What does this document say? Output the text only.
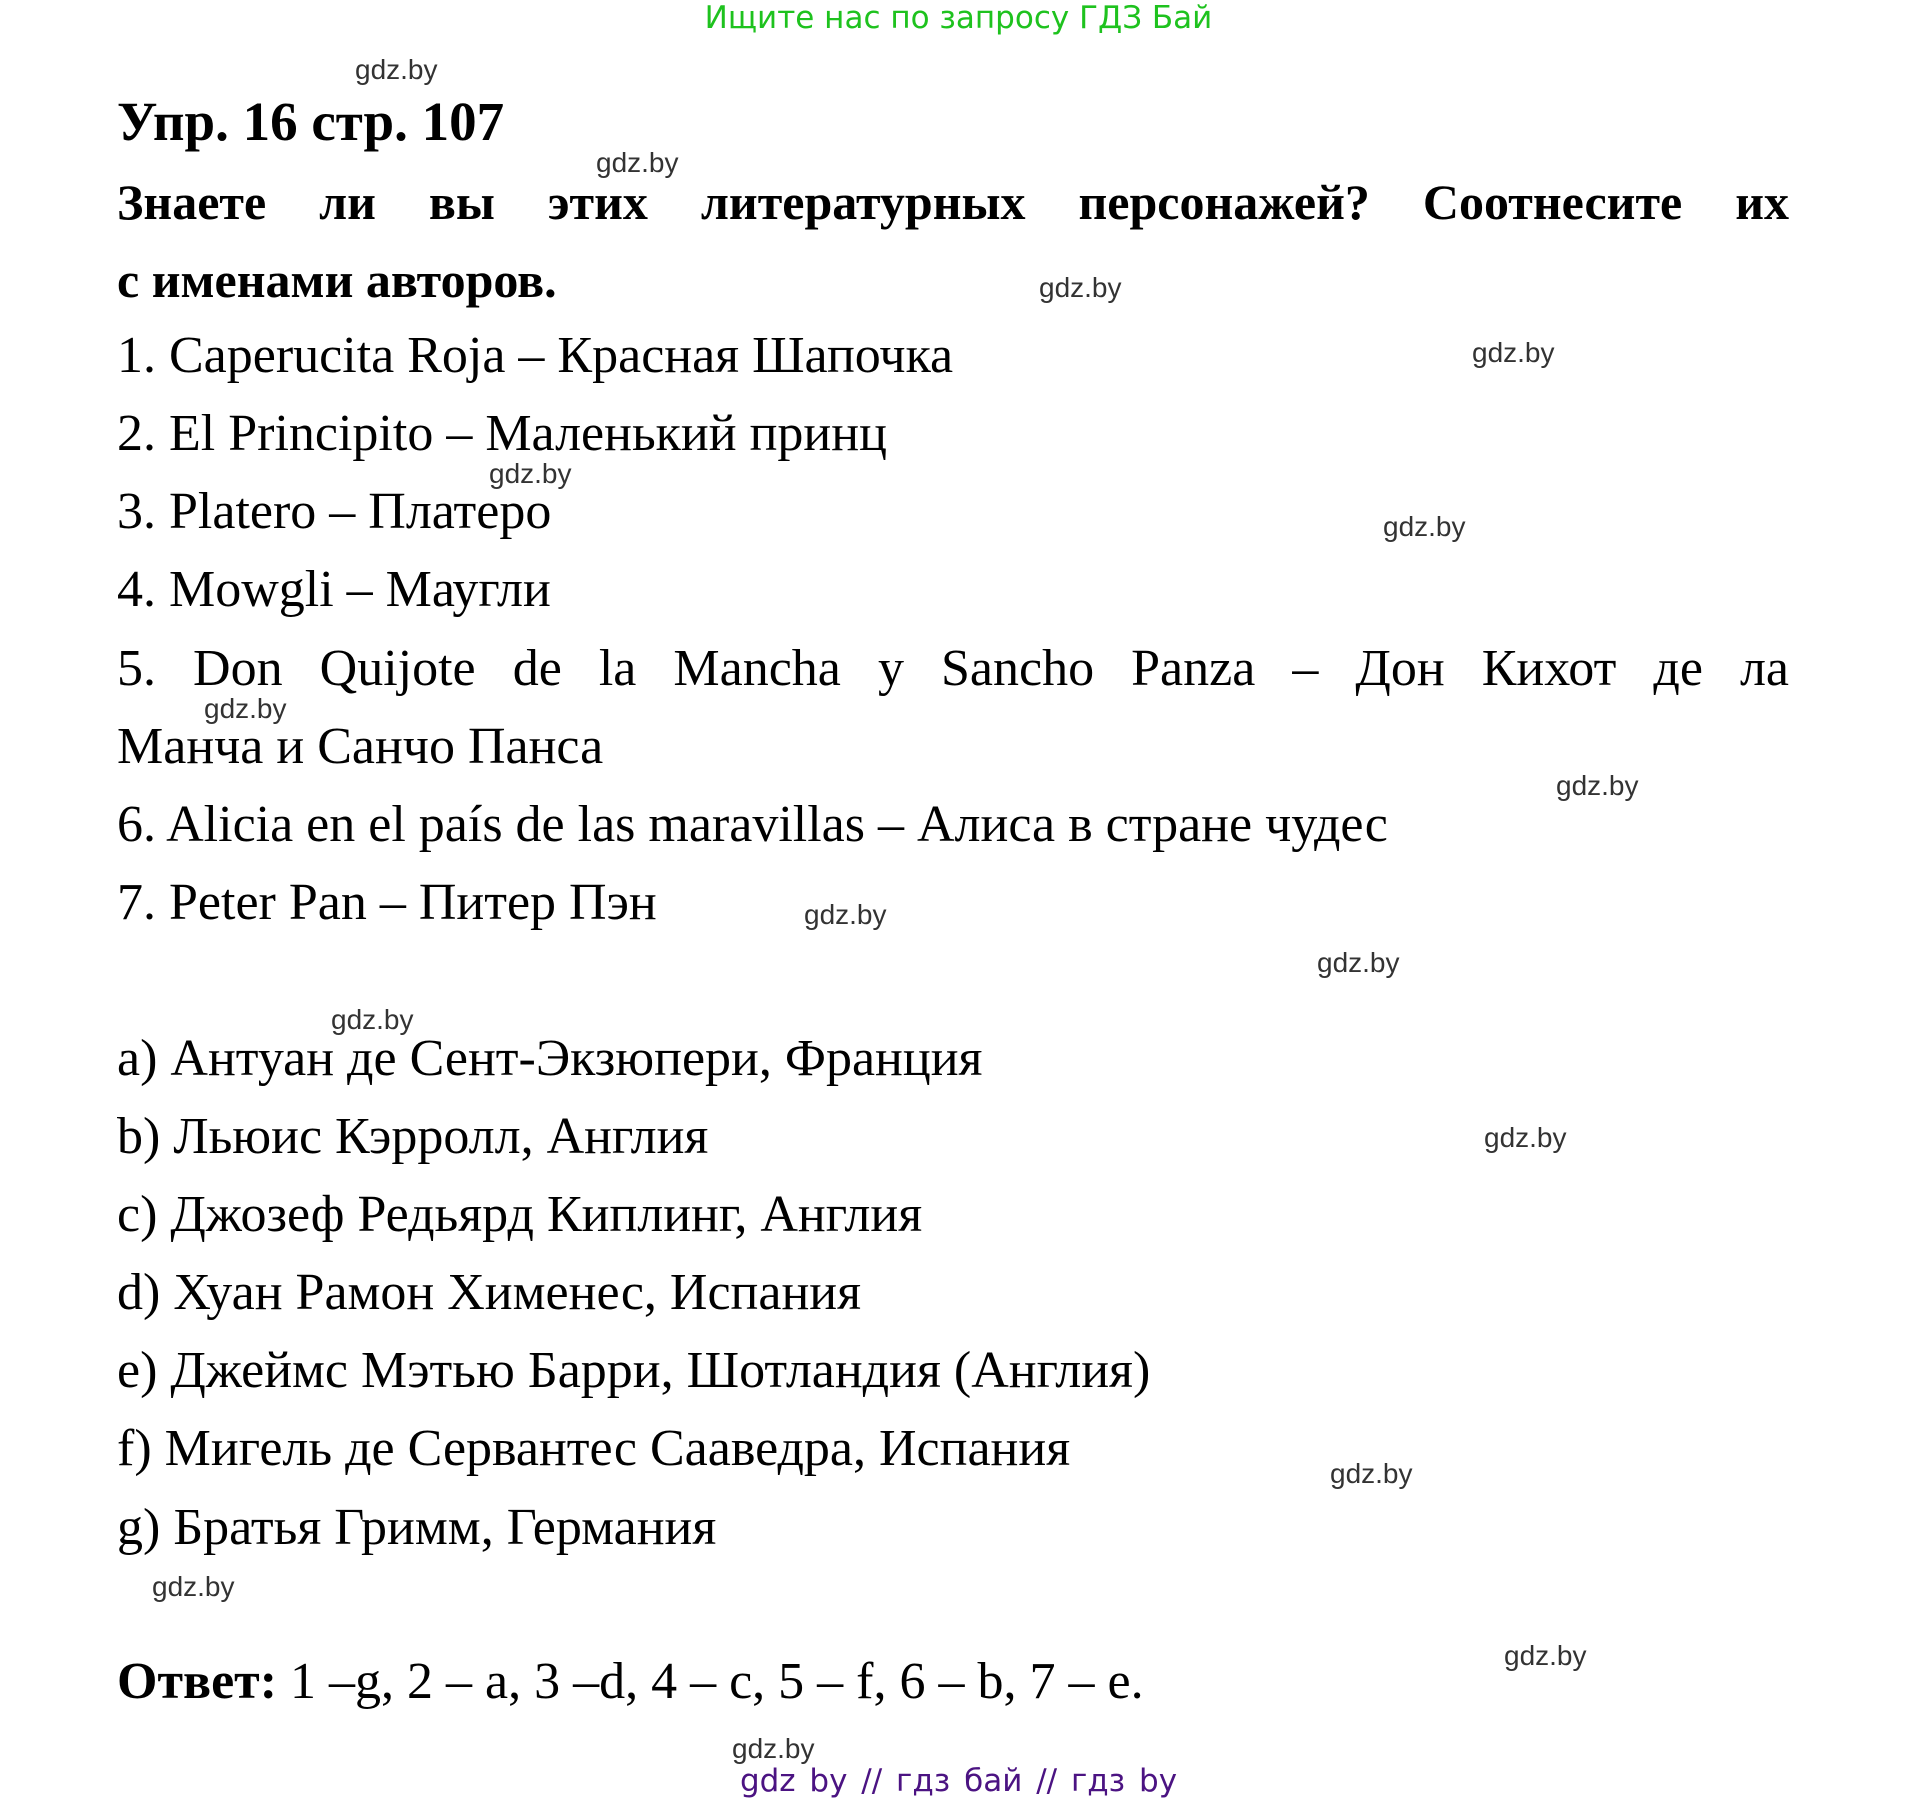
Ищите нас по запросу ГДЗ Бай
gdz.by
gdz.by
gdz.by
gdz.by
gdz.by
gdz.by
gdz.by
gdz.by
gdz.by
gdz.by
gdz.by
gdz.by
gdz.by
gdz.by
gdz.by
gdz.by
Упр. 16 стр. 107
Знаете ли вы этих литературных персонажей? Соотнесите их
с именами авторов.
1. Caperucita Roja – Красная Шапочка
2. El Principito – Маленький принц
3. Platero – Платеро
4. Mowgli – Маугли
5. Don Quijote de la Mancha y Sancho Panza – Дон Кихот де ла
Манча и Санчо Панса
6. Alicia en el país de las maravillas – Алиса в стране чудес
7. Peter Pan – Питер Пэн
a) Антуан де Сент-Экзюпери, Франция
b) Льюис Кэрролл, Англия
c) Джозеф Редьярд Киплинг, Англия
d) Хуан Рамон Хименес, Испания
e) Джеймс Мэтью Барри, Шотландия (Англия)
f) Мигель де Сервантес Сааведра, Испания
g) Братья Гримм, Германия
Ответ: 1 –g, 2 – a, 3 –d, 4 – c, 5 – f, 6 – b, 7 – e.
gdz by // гдз бай // гдз by
